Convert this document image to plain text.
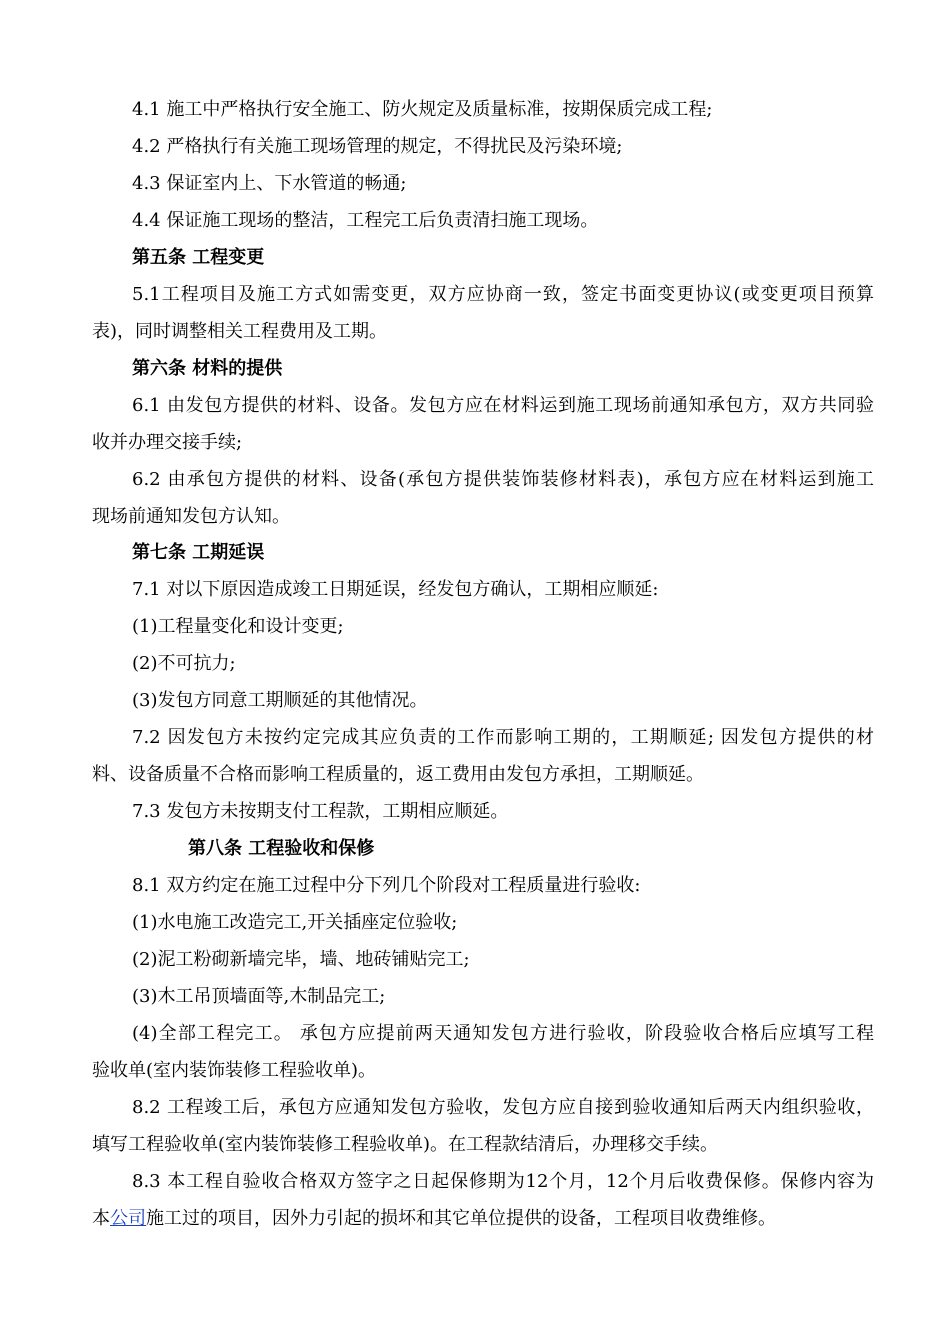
4.1 施工中严格执行安全施工、防火规定及质量标准，按期保质完成工程;
4.2 严格执行有关施工现场管理的规定，不得扰民及污染环境;
4.3 保证室内上、下水管道的畅通;
4.4 保证施工现场的整洁，工程完工后负责清扫施工现场。
第五条 工程变更
5.1工程项目及施工方式如需变更，双方应协商一致，签定书面变更协议(或变更项目预算
表)，同时调整相关工程费用及工期。
第六条 材料的提供
6.1 由发包方提供的材料、设备。发包方应在材料运到施工现场前通知承包方，双方共同验
收并办理交接手续;
6.2 由承包方提供的材料、设备(承包方提供装饰装修材料表)，承包方应在材料运到施工
现场前通知发包方认知。
第七条 工期延误
7.1 对以下原因造成竣工日期延误，经发包方确认，工期相应顺延:
(1)工程量变化和设计变更;
(2)不可抗力;
(3)发包方同意工期顺延的其他情况。
7.2 因发包方未按约定完成其应负责的工作而影响工期的，工期顺延; 因发包方提供的材
料、设备质量不合格而影响工程质量的，返工费用由发包方承担，工期顺延。
7.3 发包方未按期支付工程款，工期相应顺延。
第八条 工程验收和保修
8.1 双方约定在施工过程中分下列几个阶段对工程质量进行验收:
(1)水电施工改造完工,开关插座定位验收;
(2)泥工粉砌新墙完毕，墙、地砖铺贴完工;
(3)木工吊顶墙面等,木制品完工;
(4)全部工程完工。 承包方应提前两天通知发包方进行验收，阶段验收合格后应填写工程
验收单(室内装饰装修工程验收单)。
8.2 工程竣工后，承包方应通知发包方验收，发包方应自接到验收通知后两天内组织验收，
填写工程验收单(室内装饰装修工程验收单)。在工程款结清后，办理移交手续。
8.3 本工程自验收合格双方签字之日起保修期为12个月，12个月后收费保修。保修内容为
本公司施工过的项目，因外力引起的损坏和其它单位提供的设备，工程项目收费维修。
